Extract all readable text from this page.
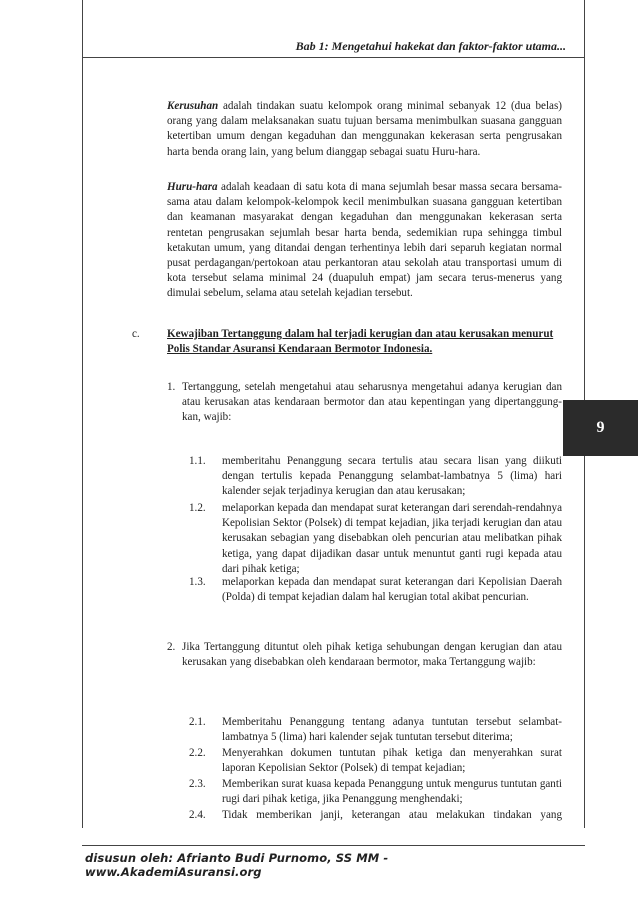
Bab 1: Mengetahui hakekat dan faktor-faktor utama...
9
Kerusuhan adalah tindakan suatu kelompok orang minimal sebanyak 12 (dua belas) orang yang dalam melaksanakan suatu tujuan bersama menimbulkan suasana gangguan ketertiban umum dengan kegaduhan dan menggunakan kekerasan serta pengrusakan harta benda orang lain, yang belum dianggap sebagai suatu Huru-hara.
Huru-hara adalah keadaan di satu kota di mana sejumlah besar massa secara bersama-sama atau dalam kelompok-kelompok kecil menimbulkan suasana gangguan ketertiban dan keamanan masyarakat dengan kegaduhan dan menggunakan kekerasan serta rentetan pengrusakan sejumlah besar harta benda, sedemikian rupa sehingga timbul ketakutan umum, yang ditandai dengan terhentinya lebih dari separuh kegiatan normal pusat perdagangan/pertokoan atau perkantoran atau sekolah atau transportasi umum di kota tersebut selama minimal 24 (duapuluh empat) jam secara terus-menerus yang dimulai sebelum, selama atau setelah kejadian tersebut.
c. Kewajiban Tertanggung dalam hal terjadi kerugian dan atau kerusakan menurut Polis Standar Asuransi Kendaraan Bermotor Indonesia.
1. Tertanggung, setelah mengetahui atau seharusnya mengetahui adanya kerugian dan atau kerusakan atas kendaraan bermotor dan atau kepentingan yang dipertanggung-kan, wajib:
1.1. memberitahu Penanggung secara tertulis atau secara lisan yang diikuti dengan tertulis kepada Penanggung selambat-lambatnya 5 (lima) hari kalender sejak terjadinya kerugian dan atau kerusakan;
1.2. melaporkan kepada dan mendapat surat keterangan dari serendah-rendahnya Kepolisian Sektor (Polsek) di tempat kejadian, jika terjadi kerugian dan atau kerusakan sebagian yang disebabkan oleh pencurian atau melibatkan pihak ketiga, yang dapat dijadikan dasar untuk menuntut ganti rugi kepada atau dari pihak ketiga;
1.3. melaporkan kepada dan mendapat surat keterangan dari Kepolisian Daerah (Polda) di tempat kejadian dalam hal kerugian total akibat pencurian.
2. Jika Tertanggung dituntut oleh pihak ketiga sehubungan dengan kerugian dan atau kerusakan yang disebabkan oleh kendaraan bermotor, maka Tertanggung wajib:
2.1. Memberitahu Penanggung tentang adanya tuntutan tersebut selambat-lambatnya 5 (lima) hari kalender sejak tuntutan tersebut diterima;
2.2. Menyerahkan dokumen tuntutan pihak ketiga dan menyerahkan surat laporan Kepolisian Sektor (Polsek) di tempat kejadian;
2.3. Memberikan surat kuasa kepada Penanggung untuk mengurus tuntutan ganti rugi dari pihak ketiga, jika Penanggung menghendaki;
2.4. Tidak memberikan janji, keterangan atau melakukan tindakan yang
disusun oleh: Afrianto Budi Purnomo, SS MM - www.AkademiAsuransi.org
